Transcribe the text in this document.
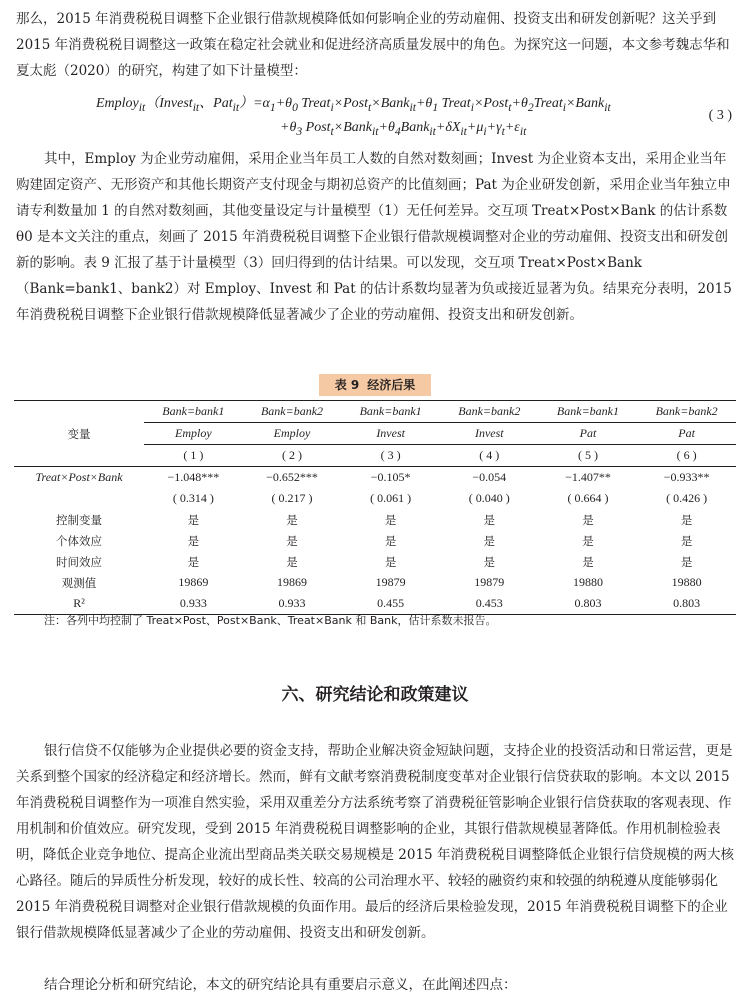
那么，2015 年消费税税目调整下企业银行借款规模降低如何影响企业的劳动雇佣、投资支出和研发创新呢？这关乎到 2015 年消费税税目调整这一政策在稳定社会就业和促进经济高质量发展中的角色。为探究这一问题，本文参考魏志华和夏太彪（2020）的研究，构建了如下计量模型：

Employ$_{it}$（Invest$_{it}$、$Pat_{it})=\alpha_1+\theta_0$ $Treat_i\times Post_t\times Bank_{it}+\theta_1$ $Treat_i\times Post_t+\theta_2Treat_i\times Bank_{it}$
$+\theta_3$ $Post_t\times Bank_{it}+\theta_4Bank_{it}+\delta X_{it}+\mu_i+\gamma_t+\varepsilon_{it}$
( 3 )

其中，Employ 为企业劳动雇佣，采用企业当年员工人数的自然对数刻画；Invest 为企业资本支出，采用企业当年购建固定资产、无形资产和其他长期资产支付现金与期初总资产的比值刻画；Pat 为企业研发创新，采用企业当年独立申请专利数量加 1 的自然对数刻画，其他变量设定与计量模型（1）无任何差异。交互项 Treat×Post×Bank 的估计系数 θ0 是本文关注的重点，刻画了 2015 年消费税税目调整下企业银行借款规模调整对企业的劳动雇佣、投资支出和研发创新的影响。表 9 汇报了基于计量模型（3）回归得到的估计结果。可以发现，交互项 Treat×Post×Bank（Bank=bank1、bank2）对 Employ、Invest 和 Pat 的估计系数均显著为负或接近显著为负。结果充分表明，2015 年消费税税目调整下企业银行借款规模降低显著减少了企业的劳动雇佣、投资支出和研发创新。

表 9 经济后果
变量	Bank=bank1	Bank=bank2	Bank=bank1	Bank=bank2	Bank=bank1	Bank=bank2
	Employ	Employ	Invest	Invest	Pat	Pat
	( 1 )	( 2 )	( 3 )	( 4 )	( 5 )	( 6 )
Treat×Post×Bank	−1.048***	−0.652***	−0.105*	−0.054	−1.407**	−0.933**
	( 0.314 )	( 0.217 )	( 0.061 )	( 0.040 )	( 0.664 )	( 0.426 )
控制变量	是	是	是	是	是	是
个体效应	是	是	是	是	是	是
时间效应	是	是	是	是	是	是
观测值	19869	19869	19879	19879	19880	19880
R²	0.933	0.933	0.455	0.453	0.803	0.803
注：各列中均控制了 Treat×Post、Post×Bank、Treat×Bank 和 Bank，估计系数未报告。
六、研究结论和政策建议

银行信贷不仅能够为企业提供必要的资金支持，帮助企业解决资金短缺问题，支持企业的投资活动和日常运营，更是关系到整个国家的经济稳定和经济增长。然而，鲜有文献考察消费税制度变革对企业银行信贷获取的影响。本文以 2015 年消费税税目调整作为一项准自然实验，采用双重差分方法系统考察了消费税征管影响企业银行信贷获取的客观表现、作用机制和价值效应。研究发现，受到 2015 年消费税税目调整影响的企业，其银行借款规模显著降低。作用机制检验表明，降低企业竞争地位、提高企业流出型商品类关联交易规模是 2015 年消费税税目调整降低企业银行信贷规模的两大核心路径。随后的异质性分析发现，较好的成长性、较高的公司治理水平、较轻的融资约束和较强的纳税遵从度能够弱化 2015 年消费税税目调整对企业银行借款规模的负面作用。最后的经济后果检验发现，2015 年消费税税目调整下的企业银行借款规模降低显著减少了企业的劳动雇佣、投资支出和研发创新。

结合理论分析和研究结论，本文的研究结论具有重要启示意义，在此阐述四点：
